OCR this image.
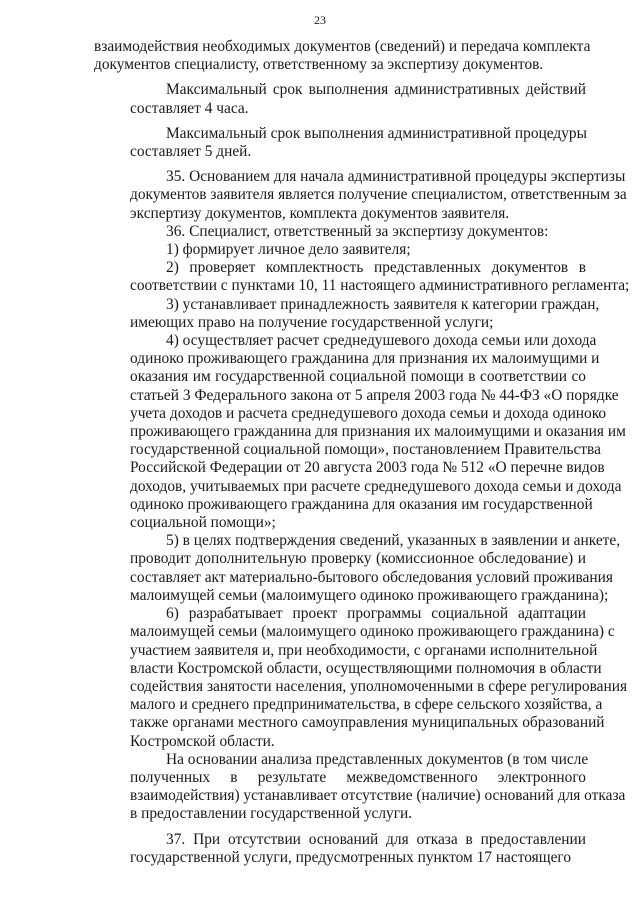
23
взаимодействия необходимых документов (сведений) и передача комплекта
документов специалисту, ответственному за экспертизу документов.
Максимальный срок выполнения административных действий
составляет 4 часа.
Максимальный срок выполнения административной процедуры
составляет 5 дней.
35. Основанием для начала административной процедуры экспертизы
документов заявителя является получение специалистом, ответственным за
экспертизу документов, комплекта документов заявителя.
36. Специалист, ответственный за экспертизу документов:
1) формирует личное дело заявителя;
2) проверяет комплектность представленных документов в
соответствии с пунктами 10, 11 настоящего административного регламента;
3) устанавливает принадлежность заявителя к категории граждан,
имеющих право на получение государственной услуги;
4) осуществляет расчет среднедушевого дохода семьи или дохода
одиноко проживающего гражданина для признания их малоимущими и
оказания им государственной социальной помощи в соответствии со
статьей 3 Федерального закона от 5 апреля 2003 года № 44-ФЗ «О порядке
учета доходов и расчета среднедушевого дохода семьи и дохода одиноко
проживающего гражданина для признания их малоимущими и оказания им
государственной социальной помощи», постановлением Правительства
Российской Федерации от 20 августа 2003 года № 512 «О перечне видов
доходов, учитываемых при расчете среднедушевого дохода семьи и дохода
одиноко проживающего гражданина для оказания им государственной
социальной помощи»;
5) в целях подтверждения сведений, указанных в заявлении и анкете,
проводит дополнительную проверку (комиссионное обследование) и
составляет акт материально-бытового обследования условий проживания
малоимущей семьи (малоимущего одиноко проживающего гражданина);
6) разрабатывает проект программы социальной адаптации
малоимущей семьи (малоимущего одиноко проживающего гражданина) с
участием заявителя и, при необходимости, с органами исполнительной
власти Костромской области, осуществляющими полномочия в области
содействия занятости населения, уполномоченными в сфере регулирования
малого и среднего предпринимательства, в сфере сельского хозяйства, а
также органами местного самоуправления муниципальных образований
Костромской области.
На основании анализа представленных документов (в том числе
полученных в результате межведомственного электронного
взаимодействия) устанавливает отсутствие (наличие) оснований для отказа
в предоставлении государственной услуги.
37. При отсутствии оснований для отказа в предоставлении
государственной услуги, предусмотренных пунктом 17 настоящего
